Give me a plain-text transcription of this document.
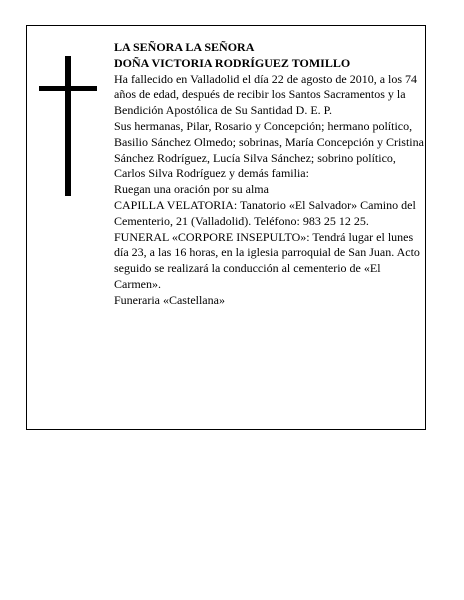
LA SEÑORA LA SEÑORA

DOÑA VICTORIA RODRÍGUEZ TOMILLO

Ha fallecido en Valladolid el día 22 de agosto de 2010, a los 74 años de edad, después de recibir los Santos Sacramentos y la Bendición Apostólica de Su Santidad D. E. P.

Sus hermanas, Pilar, Rosario y Concepción; hermano político, Basilio Sánchez Olmedo; sobrinas, María Concepción y Cristina Sánchez Rodríguez, Lucía Silva Sánchez; sobrino político, Carlos Silva Rodríguez y demás familia:

Ruegan una oración por su alma

CAPILLA VELATORIA: Tanatorio «El Salvador» Camino del Cementerio, 21 (Valladolid). Teléfono: 983 25 12 25.

FUNERAL «CORPORE INSEPULTO»: Tendrá lugar el lunes día 23, a las 16 horas, en la iglesia parroquial de San Juan. Acto seguido se realizará la conducción al cementerio de «El Carmen».

Funeraria «Castellana»
